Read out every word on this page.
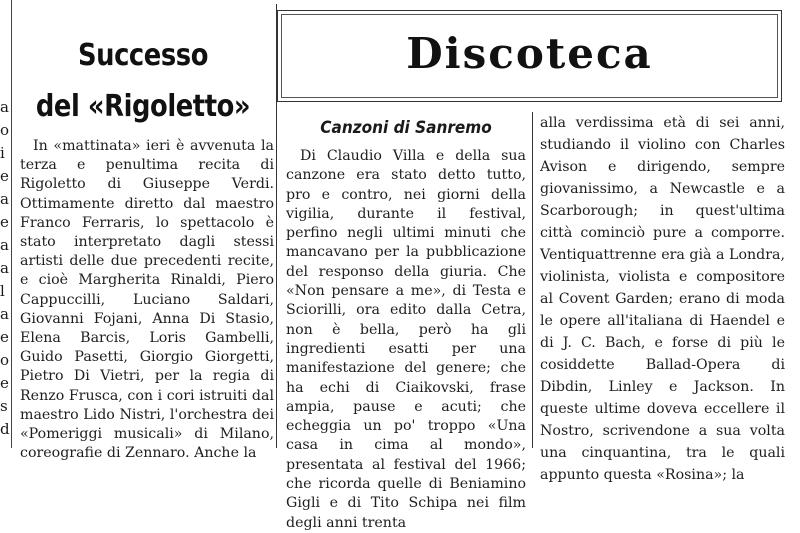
a
o
i
e
a
e
a
a
l
a
e
o
e
s
d
Successo
del «Rigoletto»

In «mattinata» ieri è avvenuta la terza e penultima recita di Rigoletto di Giuseppe Verdi. Ottimamente diretto dal maestro Franco Ferraris, lo spettacolo è stato interpretato dagli stessi artisti delle due precedenti recite, e cioè Margherita Rinaldi, Piero Cappuccilli, Luciano Saldari, Giovanni Fojani, Anna Di Stasio, Elena Barcis, Loris Gambelli, Guido Pasetti, Giorgio Giorgetti, Pietro Di Vietri, per la regia di Renzo Frusca, con i cori istruiti dal maestro Lido Nistri, l'orchestra dei «Pomeriggi musicali» di Milano, coreografie di Zennaro. Anche la

Discoteca
Canzoni di Sanremo

Di Claudio Villa e della sua canzone era stato detto tutto, pro e contro, nei giorni della vigilia, durante il festival, perfino negli ultimi minuti che mancavano per la pubblicazione del responso della giuria. Che «Non pensare a me», di Testa e Sciorilli, ora edito dalla Cetra, non è bella, però ha gli ingredienti esatti per una manifestazione del genere; che ha echi di Ciaikovski, frase ampia, pause e acuti; che echeggia un po' troppo «Una casa in cima al mondo», presentata al festival del 1966; che ricorda quelle di Beniamino Gigli e di Tito Schipa nei film degli anni trenta

alla verdissima età di sei anni, studiando il violino con Charles Avison e dirigendo, sempre giovanissimo, a Newcastle e a Scarborough; in quest'ultima città cominciò pure a comporre. Ventiquattrenne era già a Londra, violinista, violista e compositore al Covent Garden; erano di moda le opere all'italiana di Haendel e di J. C. Bach, e forse di più le cosiddette Ballad-Opera di Dibdin, Linley e Jackson. In queste ultime doveva eccellere il Nostro, scrivendone a sua volta una cinquantina, tra le quali appunto questa «Rosina»; la
